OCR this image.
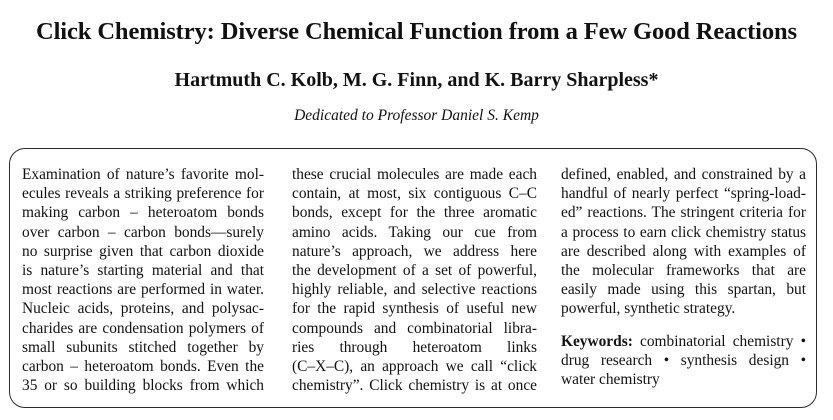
Click Chemistry: Diverse Chemical Function from a Few Good Reactions
Hartmuth C. Kolb, M. G. Finn, and K. Barry Sharpless*
Dedicated to Professor Daniel S. Kemp
Examination of nature’s favorite mol-
ecules reveals a striking preference for
making carbon – heteroatom bonds
over carbon – carbon bonds—surely
no surprise given that carbon dioxide
is nature’s starting material and that
most reactions are performed in water.
Nucleic acids, proteins, and polysac-
charides are condensation polymers of
small subunits stitched together by
carbon – heteroatom bonds. Even the
35 or so building blocks from which
these crucial molecules are made each
contain, at most, six contiguous C–C
bonds, except for the three aromatic
amino acids. Taking our cue from
nature’s approach, we address here
the development of a set of powerful,
highly reliable, and selective reactions
for the rapid synthesis of useful new
compounds and combinatorial libra-
ries through heteroatom links
(C–X–C), an approach we call “click
chemistry”. Click chemistry is at once
defined, enabled, and constrained by a
handful of nearly perfect “spring-load-
ed” reactions. The stringent criteria for
a process to earn click chemistry status
are described along with examples of
the molecular frameworks that are
easily made using this spartan, but
powerful, synthetic strategy.
Keywords: combinatorial chemistry •
drug research • synthesis design •
water chemistry
